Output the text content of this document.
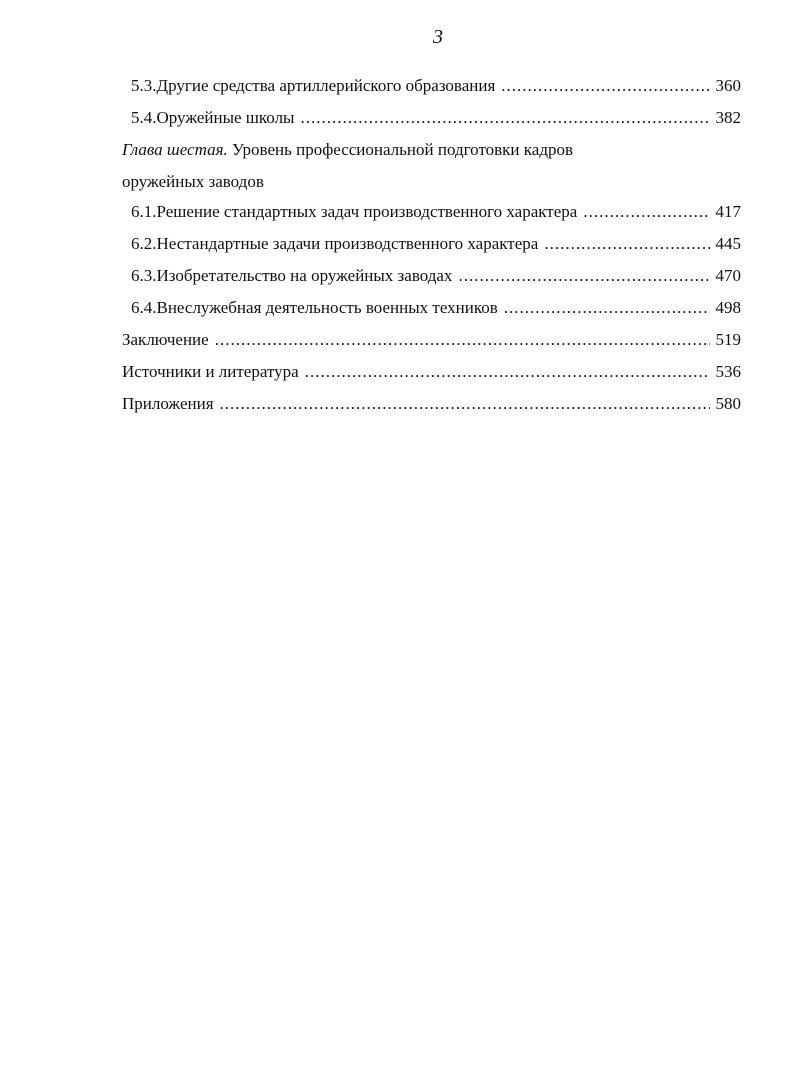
3
5.3. Другие средства артиллерийского образования .....	360
5.4. Оружейные школы .....	382
Глава шестая. Уровень профессиональной подготовки кадров
оружейных заводов
6.1. Решение стандартных задач производственного характера .....	417
6.2. Нестандартные задачи производственного характера .....	445
6.3. Изобретательство на оружейных заводах .....	470
6.4. Внеслужебная деятельность военных техников .....	498
Заключение .....	519
Источники и литература .....	536
Приложения .....	580
